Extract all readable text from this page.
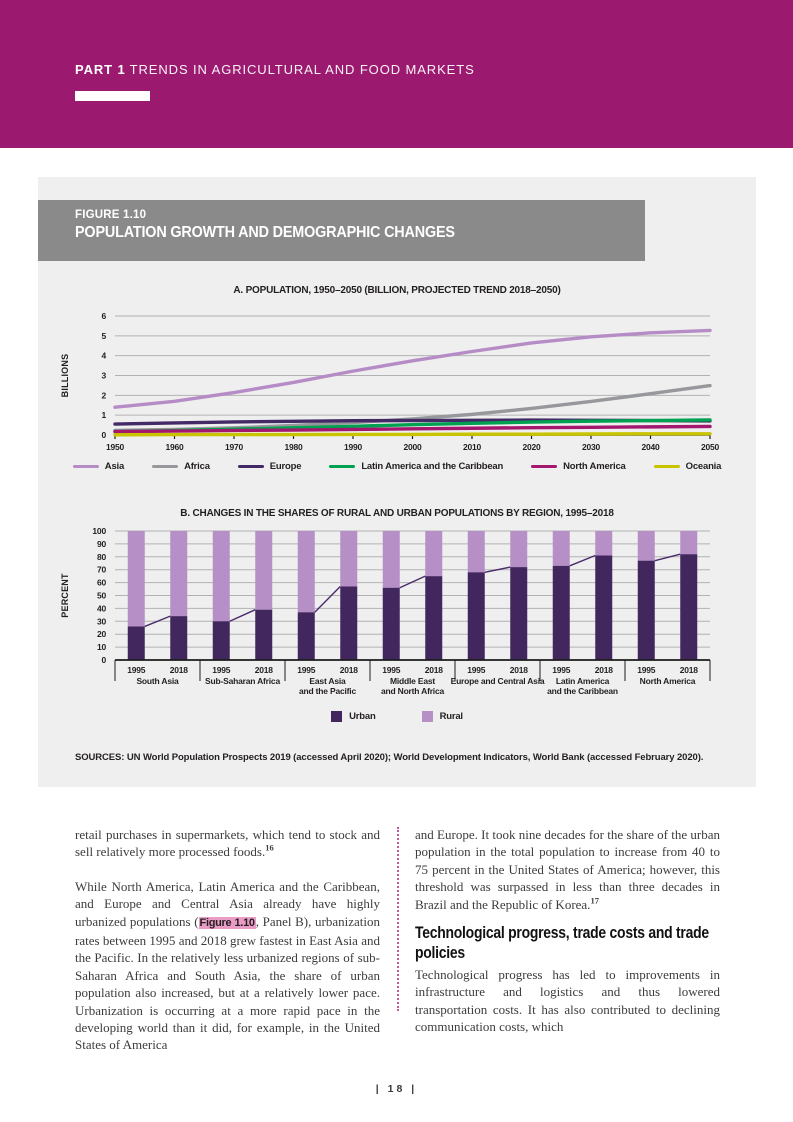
PART 1 TRENDS IN AGRICULTURAL AND FOOD MARKETS
FIGURE 1.10
POPULATION GROWTH AND DEMOGRAPHIC CHANGES
A. POPULATION, 1950–2050 (BILLION, PROJECTED TREND 2018–2050)
0
1
2
3
4
5
6
1950	1960	1970	1980	1990	2000	2010	2020	2030	2040	2050
BILLIONS
Asia	Africa	Europe	Latin America and the Caribbean	North America	Oceania
B. CHANGES IN THE SHARES OF RURAL AND URBAN POPULATIONS BY REGION, 1995–2018
0
10
20
30
40
50
60
70
80
90
100
1995	2018
South Asia
1995	2018
Sub-Saharan Africa
1995	2018
East Asia
and the Pacific
1995	2018
Middle East
and North Africa
1995	2018
Europe and Central Asia
1995	2018
Latin America
and the Caribbean
1995	2018
North America
PERCENT
Urban	Rural
SOURCES: UN World Population Prospects 2019 (accessed April 2020); World Development Indicators, World Bank (accessed February 2020).

retail purchases in supermarkets, which tend to stock and sell relatively more processed foods.$^{16}$

While North America, Latin America and the Caribbean, and Europe and Central Asia already have highly urbanized populations (Figure 1.10, Panel B), urbanization rates between 1995 and 2018 grew fastest in East Asia and the Pacific. In the relatively less urbanized regions of sub-Saharan Africa and South Asia, the share of urban population also increased, but at a relatively lower pace. Urbanization is occurring at a more rapid pace in the developing world than it did, for example, in the United States of America

and Europe. It took nine decades for the share of the urban population in the total population to increase from 40 to 75 percent in the United States of America; however, this threshold was surpassed in less than three decades in Brazil and the Republic of Korea.$^{17}$

Technological progress, trade costs and trade policies

Technological progress has led to improvements in infrastructure and logistics and thus lowered transportation costs. It has also contributed to declining communication costs, which

| 18 |
